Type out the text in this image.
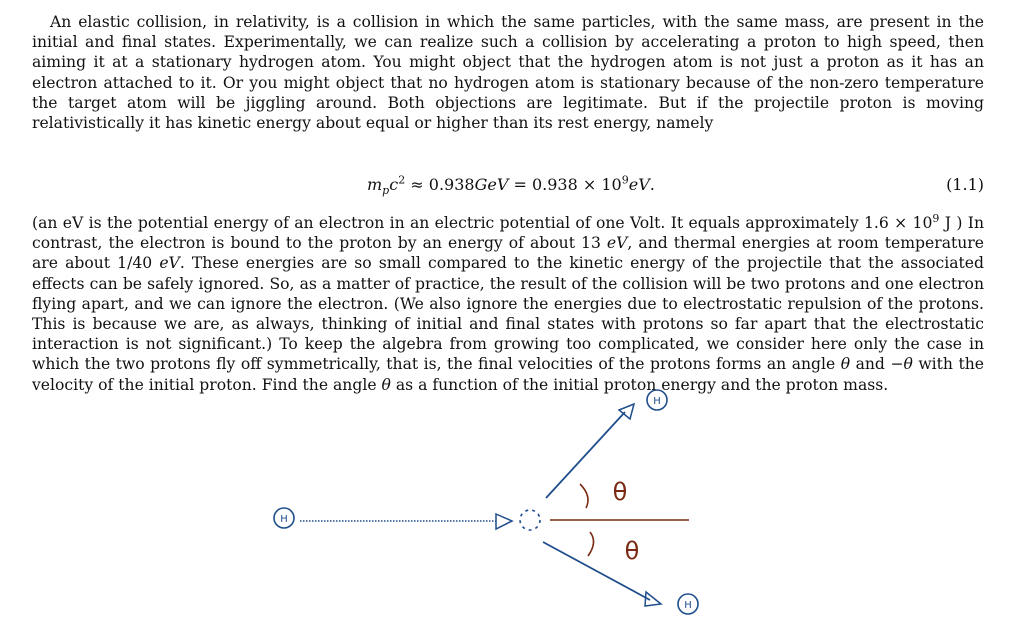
An elastic collision, in relativity, is a collision in which the same particles, with the same mass, are present in the initial and final states. Experimentally, we can realize such a collision by accelerating a proton to high speed, then aiming it at a stationary hydrogen atom. You might object that the hydrogen atom is not just a proton as it has an electron attached to it. Or you might object that no hydrogen atom is stationary because of the non-zero temperature the target atom will be jiggling around. Both objections are legitimate. But if the projectile proton is moving relativistically it has kinetic energy about equal or higher than its rest energy, namely

$m_pc^2 \approx 0.938GeV = 0.938 \times 10^9eV$.	(1.1)

(an eV is the potential energy of an electron in an electric potential of one Volt. It equals approximately $1.6 \times 10^9$ J ) In contrast, the electron is bound to the proton by an energy of about 13 eV, and thermal energies at room temperature are about 1/40 eV. These energies are so small compared to the kinetic energy of the projectile that the associated effects can be safely ignored. So, as a matter of practice, the result of the collision will be two protons and one electron flying apart, and we can ignore the electron. (We also ignore the energies due to electrostatic repulsion of the protons. This is because we are, as always, thinking of initial and final states with protons so far apart that the electrostatic interaction is not significant.) To keep the algebra from growing too complicated, we consider here only the case in which the two protons fly off symmetrically, that is, the final velocities of the protons forms an angle θ and −θ with the velocity of the initial proton. Find the angle θ as a function of the initial proton energy and the proton mass.

H
H
H
θ
θ
